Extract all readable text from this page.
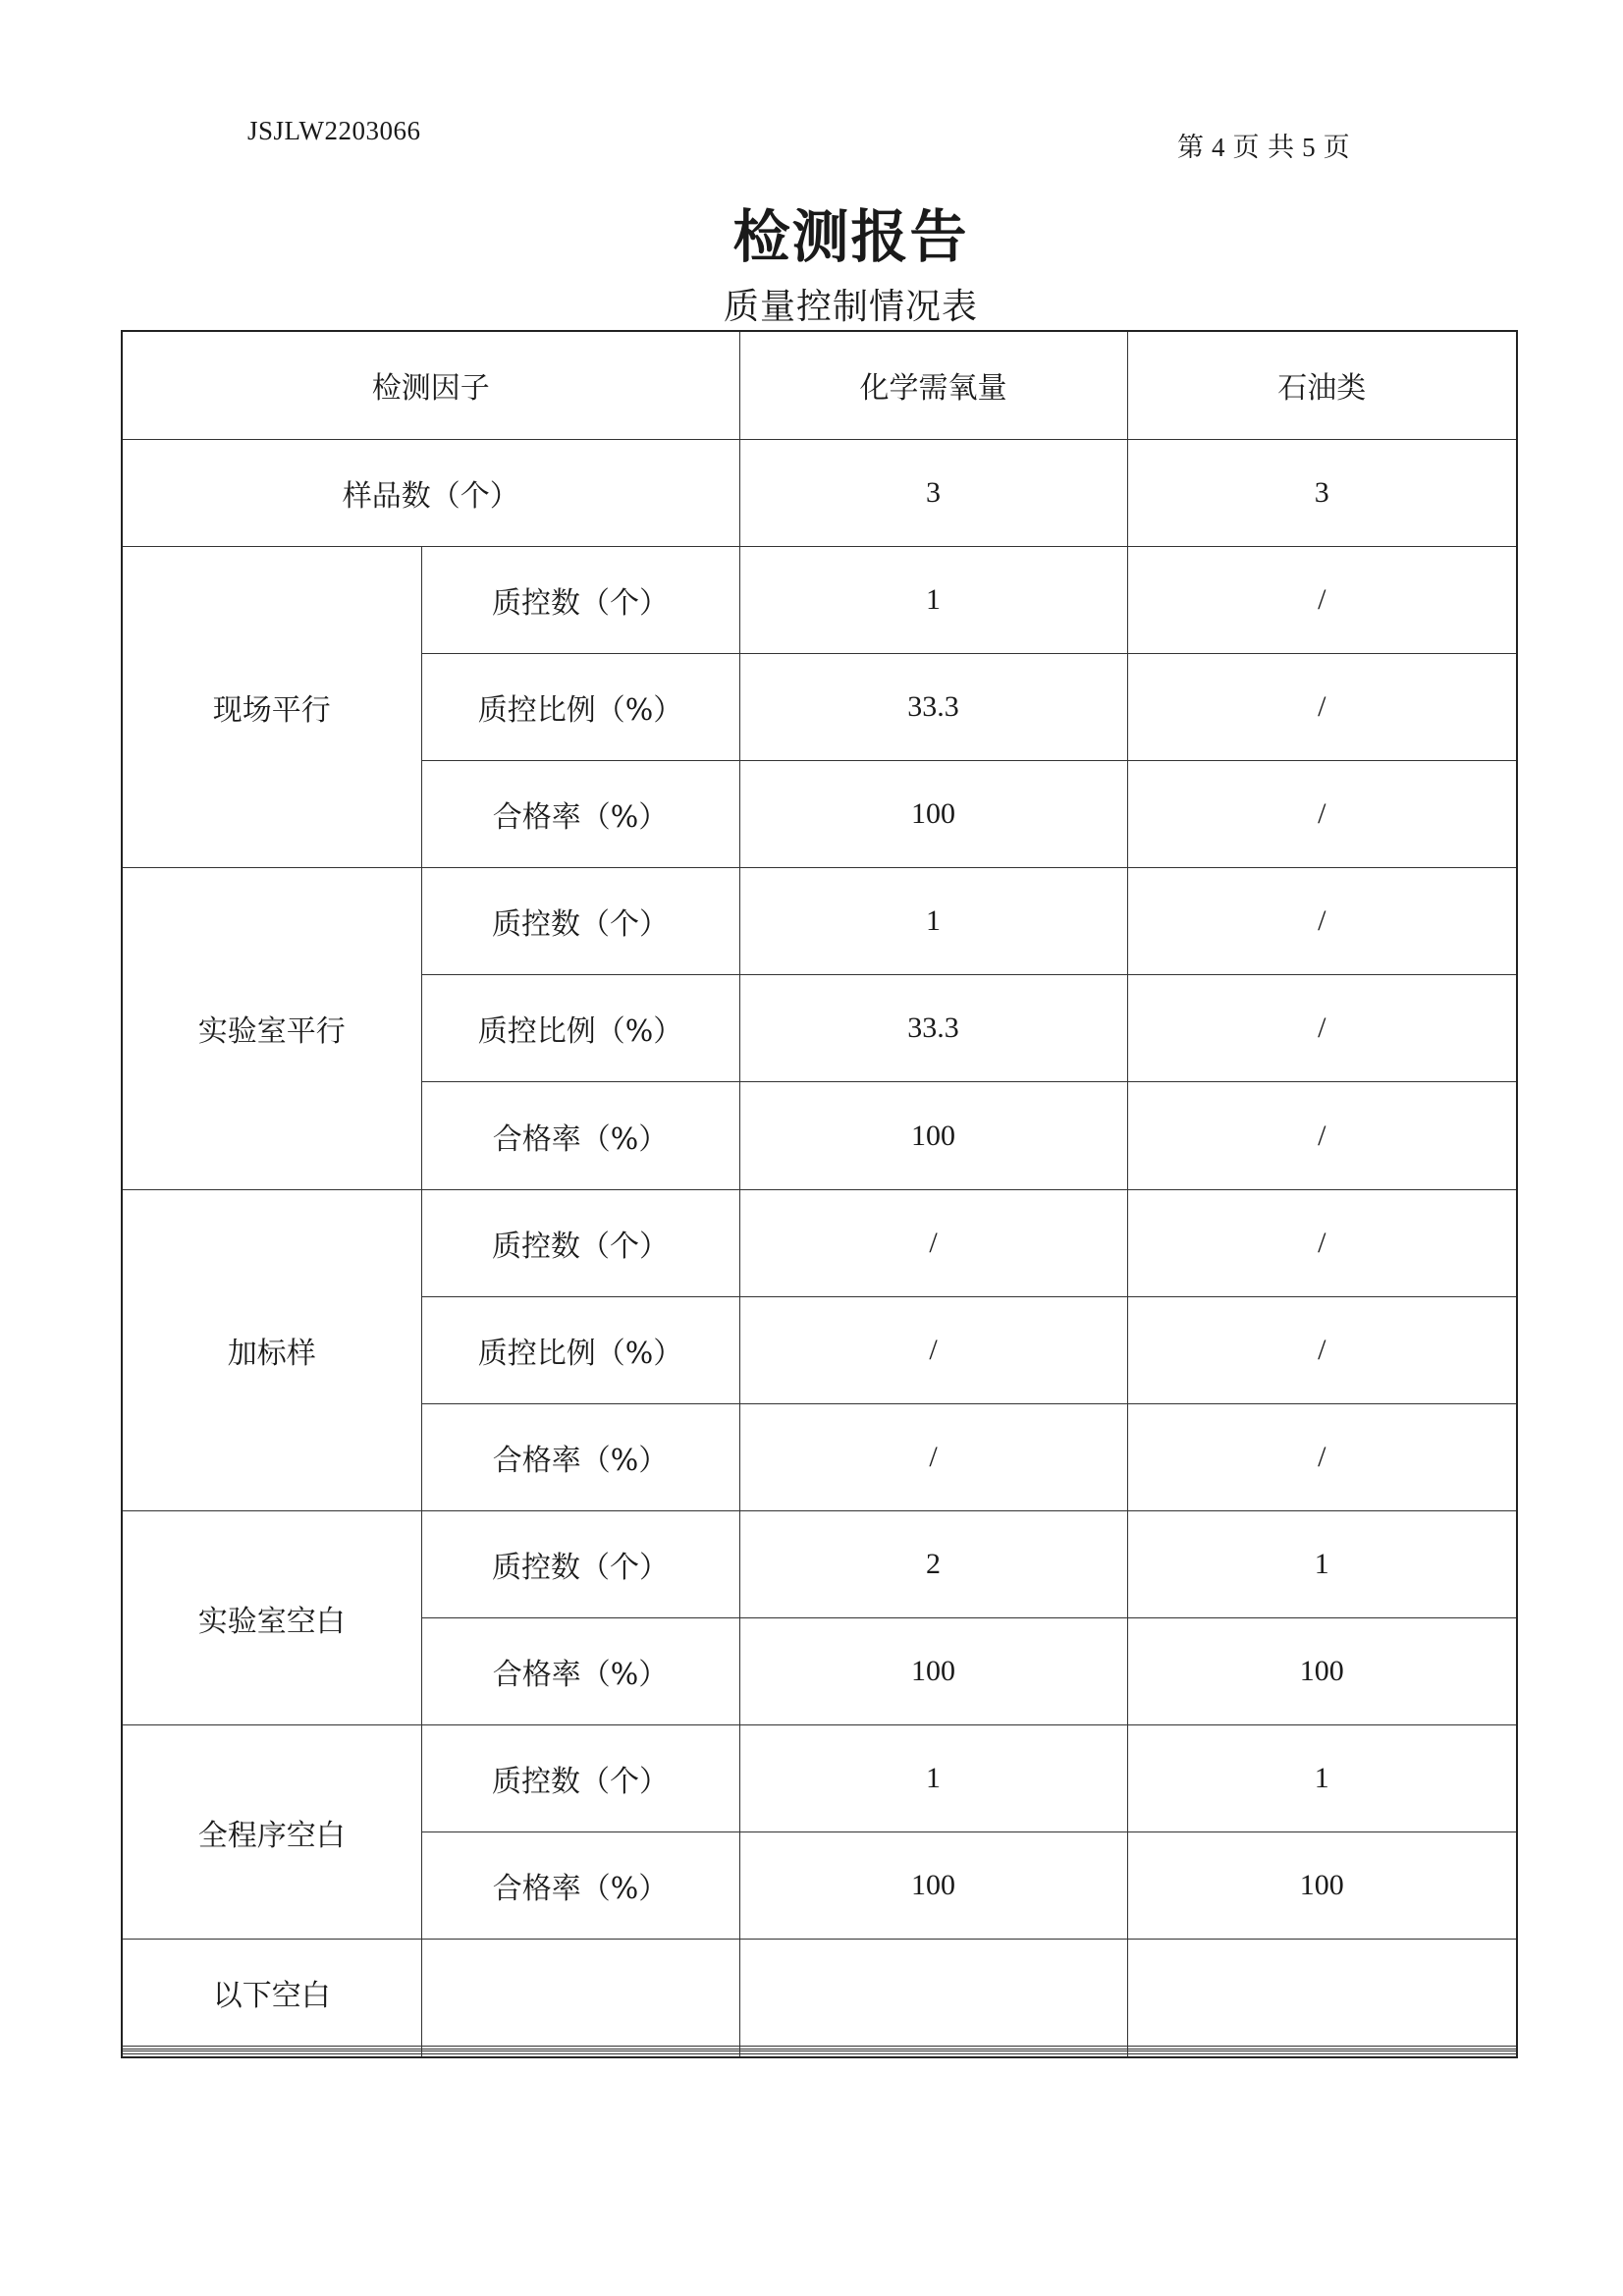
JSJLW2203066
第 4 页 共 5 页
检测报告
质量控制情况表
检测因子		化学需氧量	石油类
样品数（个）		3	3
现场平行	质控数（个）	1	/
	质控比例（%）	33.3	/
	合格率（%）	100	/
实验室平行	质控数（个）	1	/
	质控比例（%）	33.3	/
	合格率（%）	100	/
加标样	质控数（个）	/	/
	质控比例（%）	/	/
	合格率（%）	/	/
实验室空白	质控数（个）	2	1
	合格率（%）	100	100
全程序空白	质控数（个）	1	1
	合格率（%）	100	100
以下空白			
